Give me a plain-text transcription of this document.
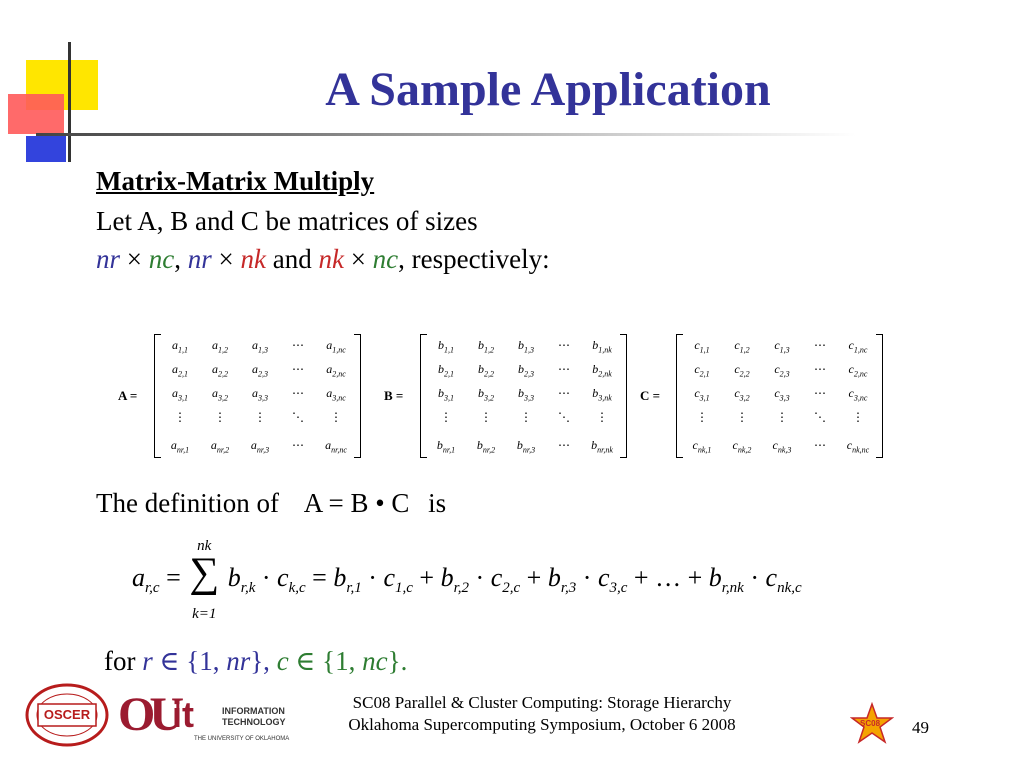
A Sample Application
Matrix-Matrix Multiply
Let A, B and C be matrices of sizes
nr × nc, nr × nk and nk × nc, respectively:
A =
$a_{1,1}$	$a_{1,2}$	$a_{1,3}$	⋯	$a_{1,nc}$
$a_{2,1}$	$a_{2,2}$	$a_{2,3}$	⋯	$a_{2,nc}$
$a_{3,1}$	$a_{3,2}$	$a_{3,3}$	⋯	$a_{3,nc}$
⋮	⋮	⋮	⋱	⋮
$a_{nr,1}$	$a_{nr,2}$	$a_{nr,3}$	⋯	$a_{nr,nc}$
B =
$b_{1,1}$	$b_{1,2}$	$b_{1,3}$	⋯	$b_{1,nk}$
$b_{2,1}$	$b_{2,2}$	$b_{2,3}$	⋯	$b_{2,nk}$
$b_{3,1}$	$b_{3,2}$	$b_{3,3}$	⋯	$b_{3,nk}$
⋮	⋮	⋮	⋱	⋮
$b_{nr,1}$	$b_{nr,2}$	$b_{nr,3}$	⋯	$b_{nr,nk}$
C =
$c_{1,1}$	$c_{1,2}$	$c_{1,3}$	⋯	$c_{1,nc}$
$c_{2,1}$	$c_{2,2}$	$c_{2,3}$	⋯	$c_{2,nc}$
$c_{3,1}$	$c_{3,2}$	$c_{3,3}$	⋯	$c_{3,nc}$
⋮	⋮	⋮	⋱	⋮
$c_{nk,1}$	$c_{nk,2}$	$c_{nk,3}$	⋯	$c_{nk,nc}$
The definition of A = B • C is
$a_{r,c}$ =
nk
∑
k=1
$b_{r,k} \cdot c_{k,c} = b_{r,1} \cdot c_{1,c} + b_{r,2} \cdot c_{2,c} + b_{r,3} \cdot c_{3,c}$ + … + $b_{r,nk} \cdot c_{nk,c}$
for r ∈ {1, nr}, c ∈ {1, nc}.
OSCER OU
it	INFORMATION
TECHNOLOGY
THE UNIVERSITY OF OKLAHOMA
SC08 Parallel & Cluster Computing: Storage Hierarchy
Oklahoma Supercomputing Symposium, October 6 2008	SC08 49
